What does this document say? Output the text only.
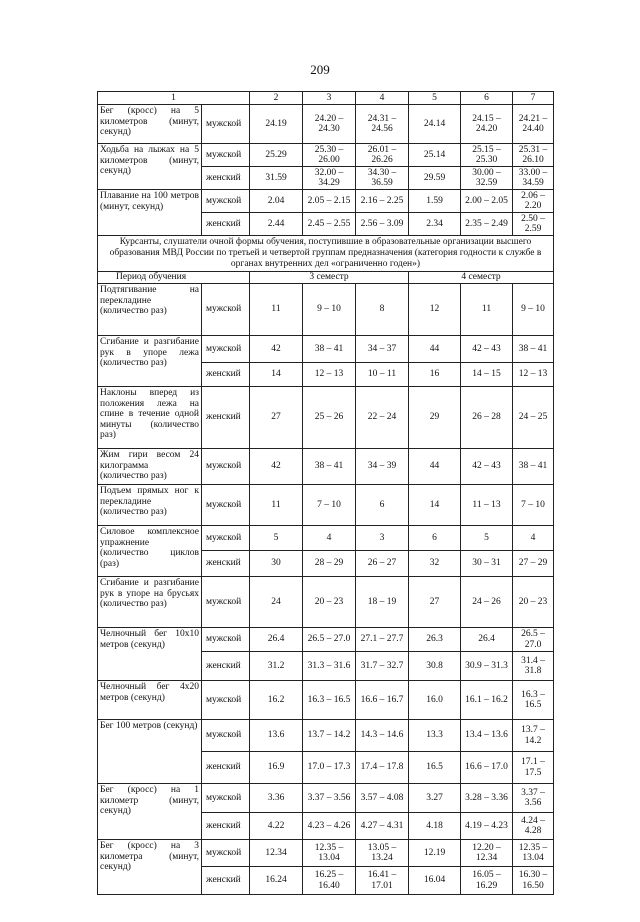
209
1		2	3	4	5	6	7
Бег (кросс) на 5 километров (минут, секунд)	мужской	24.19	24.20 – 24.30	24.31 – 24.56	24.14	24.15 – 24.20	24.21 – 24.40
Ходьба на лыжах на 5 километров (минут, секунд)	мужской	25.29	25.30 – 26.00	26.01 – 26.26	25.14	25.15 – 25.30	25.31 – 26.10
	женский	31.59	32.00 – 34.29	34.30 – 36.59	29.59	30.00 – 32.59	33.00 – 34.59
Плавание на 100 метров (минут, секунд)	мужской	2.04	2.05 – 2.15	2.16 – 2.25	1.59	2.00 – 2.05	2.06 – 2.20
	женский	2.44	2.45 – 2.55	2.56 – 3.09	2.34	2.35 – 2.49	2.50 – 2.59
Курсанты, слушатели очной формы обучения, поступившие в образовательные организации высшего образования МВД России по третьей и четвертой группам предназначения (категория годности к службе в органах внутренних дел «ограниченно годен»)							
Период обучения		3 семестр			4 семестр		
Подтягивание на перекладине (количество раз)	мужской	11	9 – 10	8	12	11	9 – 10
Сгибание и разгибание рук в упоре лежа (количество раз)	мужской	42	38 – 41	34 – 37	44	42 – 43	38 – 41
	женский	14	12 – 13	10 – 11	16	14 – 15	12 – 13
Наклоны вперед из положения лежа на спине в течение одной минуты (количество раз)	женский	27	25 – 26	22 – 24	29	26 – 28	24 – 25
Жим гири весом 24 килограмма (количество раз)	мужской	42	38 – 41	34 – 39	44	42 – 43	38 – 41
Подъем прямых ног к перекладине (количество раз)	мужской	11	7 – 10	6	14	11 – 13	7 – 10
Силовое комплексное упражнение (количество циклов (раз)	мужской	5	4	3	6	5	4
	женский	30	28 – 29	26 – 27	32	30 – 31	27 – 29
Сгибание и разгибание рук в упоре на брусьях (количество раз)	мужской	24	20 – 23	18 – 19	27	24 – 26	20 – 23
Челночный бег 10x10 метров (секунд)	мужской	26.4	26.5 – 27.0	27.1 – 27.7	26.3	26.4	26.5 – 27.0
	женский	31.2	31.3 – 31.6	31.7 – 32.7	30.8	30.9 – 31.3	31.4 – 31.8
Челночный бег 4x20 метров (секунд)	мужской	16.2	16.3 – 16.5	16.6 – 16.7	16.0	16.1 – 16.2	16.3 – 16.5
Бег 100 метров (секунд)	мужской	13.6	13.7 – 14.2	14.3 – 14.6	13.3	13.4 – 13.6	13.7 – 14.2
	женский	16.9	17.0 – 17.3	17.4 – 17.8	16.5	16.6 – 17.0	17.1 – 17.5
Бег (кросс) на 1 километр (минут, секунд)	мужской	3.36	3.37 – 3.56	3.57 – 4.08	3.27	3.28 – 3.36	3.37 – 3.56
	женский	4.22	4.23 – 4.26	4.27 – 4.31	4.18	4.19 – 4.23	4.24 – 4.28
Бег (кросс) на 3 километра (минут, секунд)	мужской	12.34	12.35 – 13.04	13.05 – 13.24	12.19	12.20 – 12.34	12.35 – 13.04
	женский	16.24	16.25 – 16.40	16.41 – 17.01	16.04	16.05 – 16.29	16.30 – 16.50
